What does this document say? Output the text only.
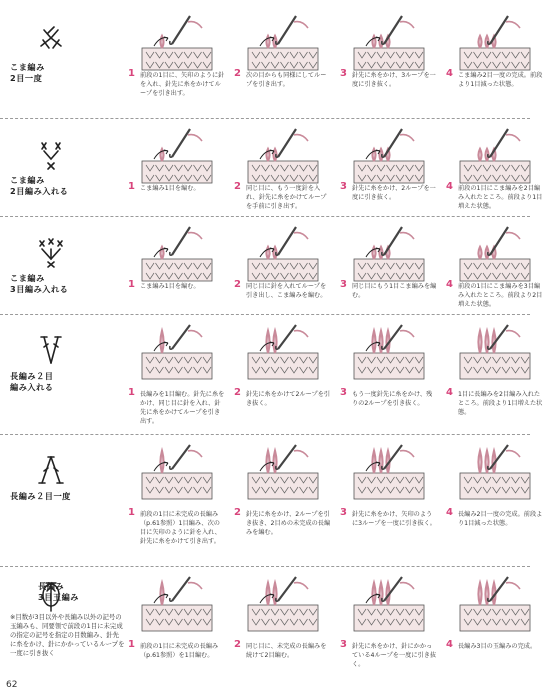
こま編み
2目一度	1 前段の1目に、矢印のように針を入れ、針先に糸をかけてループを引き出す。
2 次の目からも同様にしてループを引き出す。
3 針先に糸をかけ、3ループを一度に引き抜く。
4 こま編み2目一度の完成。前段より1目減った状態。
こま編み
2目編み入れる	1 こま編み1目を編む。	2 同じ目に、もう一度針を入れ、針先に糸をかけてループを手前に引き出す。
3 針先に糸をかけ、2ループを一度に引き抜く。
4 前段の1目にこま編みを2目編み入れたところ。前段より1目増えた状態。
こま編み
3目編み入れる	1 こま編み1目を編む。	2 同じ目に針を入れてループを引き出し、こま編みを編む。
3 同じ目にもう1目こま編みを編む。
4 前段の1目にこま編みを3目編み入れたところ。前段より2目増えた状態。
長編み２目
編み入れる	1 長編みを1目編む。針先に糸をかけ、同じ目に針を入れ、針先に糸をかけてループを引き出す。
2 針先に糸をかけて2ループを引き抜く。
3 もう一度針先に糸をかけ、残りの2ループを引き抜く。
4 1目に長編みを2目編み入れたところ。前段より1目増えた状態。
長編み２目一度
1 前段の1目に未完成の長編み（p.61参照）1目編み、次の目に矢印のように針を入れ、針先に糸をかけて引き出す。
2 針先に糸をかけ、2ループを引き抜き、2目めの未完成の長編みを編む。
3 針先に糸をかけ、矢印のように3ループを一度に引き抜く。
4 長編み2目一度の完成。前段より1目減った状態。
長編み
3目玉編み
※目数が3目以外や長編み以外の記号の玉編みも、同要領で前段の1目に未完成の指定の記号を指定の目数編み、針先に糸をかけ、針にかかっているループを一度に引き抜く
1 前段の1目に未完成の長編み（p.61参照）を1目編む。
2 同じ目に、未完成の長編みを続けて2目編む。
3 針先に糸をかけ、針にかかっている4ループを一度に引き抜く。
4 長編み3目の玉編みの完成。
62
